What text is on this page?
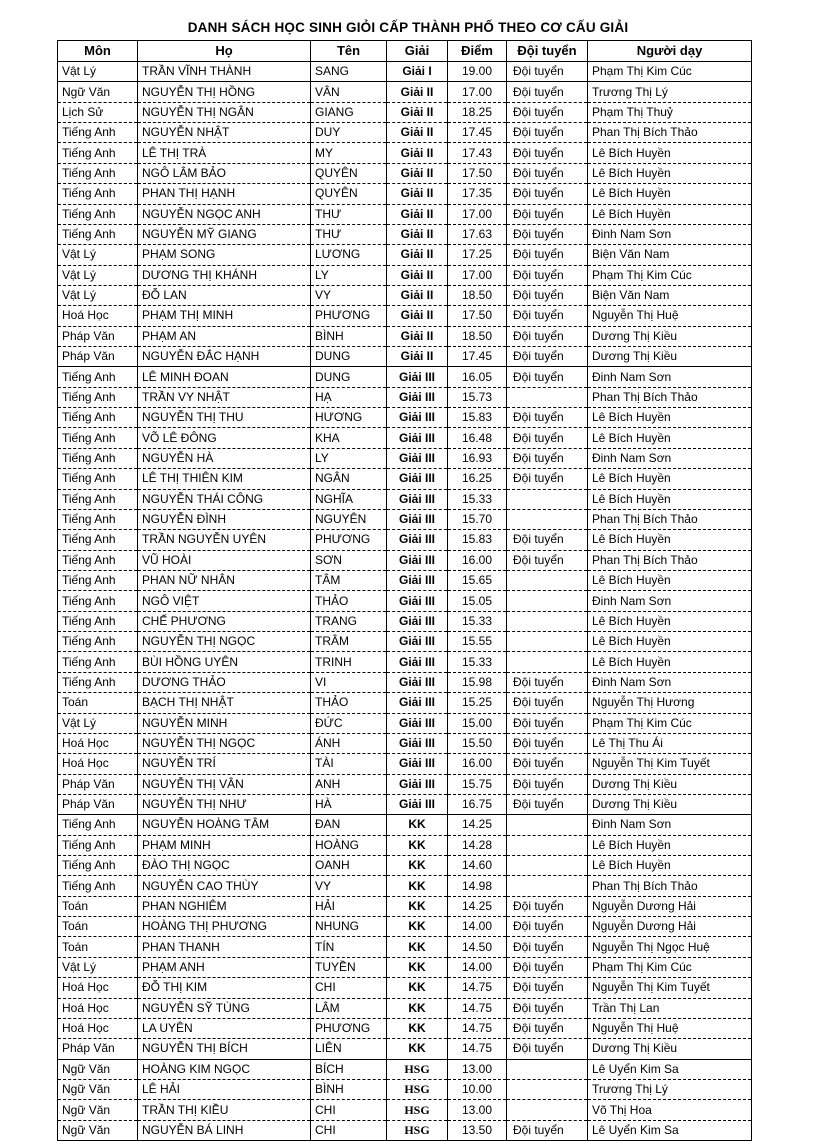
DANH SÁCH HỌC SINH GIỎI CẤP THÀNH PHỐ THEO CƠ CẤU GIẢI
Môn	Họ	Tên	Giải	Điểm	Đội tuyển	Người dạy
Vật Lý	TRẦN VĨNH THÀNH	SANG	Giải I	19.00	Đội tuyển	Phạm Thị Kim Cúc
Ngữ Văn	NGUYỄN THỊ HỒNG	VÂN	Giải II	17.00	Đội tuyển	Trương Thị Lý
Lịch Sử	NGUYỄN THỊ NGÂN	GIANG	Giải II	18.25	Đội tuyển	Phạm Thị Thuỷ
Tiếng Anh	NGUYỄN NHẬT	DUY	Giải II	17.45	Đội tuyển	Phan Thị Bích Thảo
Tiếng Anh	LÊ THỊ TRÀ	MY	Giải II	17.43	Đội tuyển	Lê Bích Huyền
Tiếng Anh	NGÔ LÂM BẢO	QUYÊN	Giải II	17.50	Đội tuyển	Lê Bích Huyền
Tiếng Anh	PHAN THỊ HẠNH	QUYÊN	Giải II	17.35	Đội tuyển	Lê Bích Huyền
Tiếng Anh	NGUYỄN NGỌC ANH	THƯ	Giải II	17.00	Đội tuyển	Lê Bích Huyền
Tiếng Anh	NGUYỄN MỸ GIANG	THƯ	Giải II	17.63	Đội tuyển	Đinh Nam Sơn
Vật Lý	PHẠM SONG	LƯƠNG	Giải II	17.25	Đội tuyển	Biện Văn Nam
Vật Lý	DƯƠNG THỊ KHÁNH	LY	Giải II	17.00	Đội tuyển	Phạm Thị Kim Cúc
Vật Lý	ĐỖ LAN	VY	Giải II	18.50	Đội tuyển	Biện Văn Nam
Hoá Học	PHẠM THỊ MINH	PHƯƠNG	Giải II	17.50	Đội tuyển	Nguyễn Thị Huệ
Pháp Văn	PHẠM AN	BÌNH	Giải II	18.50	Đội tuyển	Dương Thị Kiều
Pháp Văn	NGUYỄN ĐẮC HẠNH	DUNG	Giải II	17.45	Đội tuyển	Dương Thị Kiều
Tiếng Anh	LÊ MINH ĐOAN	DUNG	Giải III	16.05	Đội tuyển	Đinh Nam Sơn
Tiếng Anh	TRẦN VY NHẬT	HẠ	Giải III	15.73		Phan Thị Bích Thảo
Tiếng Anh	NGUYỄN THỊ THU	HƯƠNG	Giải III	15.83	Đội tuyển	Lê Bích Huyền
Tiếng Anh	VÕ LÊ ĐÔNG	KHA	Giải III	16.48	Đội tuyển	Lê Bích Huyền
Tiếng Anh	NGUYỄN HÀ	LY	Giải III	16.93	Đội tuyển	Đinh Nam Sơn
Tiếng Anh	LÊ THỊ THIÊN KIM	NGÂN	Giải III	16.25	Đội tuyển	Lê Bích Huyền
Tiếng Anh	NGUYỄN THÁI CÔNG	NGHĨA	Giải III	15.33		Lê Bích Huyền
Tiếng Anh	NGUYỄN ĐÌNH	NGUYÊN	Giải III	15.70		Phan Thị Bích Thảo
Tiếng Anh	TRẦN NGUYỄN UYÊN	PHƯƠNG	Giải III	15.83	Đội tuyển	Lê Bích Huyền
Tiếng Anh	VŨ HOÀI	SƠN	Giải III	16.00	Đội tuyển	Phan Thị Bích Thảo
Tiếng Anh	PHAN NỮ NHÂN	TÂM	Giải III	15.65		Lê Bích Huyền
Tiếng Anh	NGÔ VIỆT	THẢO	Giải III	15.05		Đinh Nam Sơn
Tiếng Anh	CHẾ PHƯƠNG	TRANG	Giải III	15.33		Lê Bích Huyền
Tiếng Anh	NGUYỄN THỊ NGỌC	TRÂM	Giải III	15.55		Lê Bích Huyền
Tiếng Anh	BÙI HỒNG UYÊN	TRINH	Giải III	15.33		Lê Bích Huyền
Tiếng Anh	DƯƠNG THẢO	VI	Giải III	15.98	Đội tuyển	Đinh Nam Sơn
Toán	BẠCH THỊ NHẬT	THẢO	Giải III	15.25	Đội tuyển	Nguyễn Thị Hương
Vật Lý	NGUYỄN MINH	ĐỨC	Giải III	15.00	Đội tuyển	Phạm Thị Kim Cúc
Hoá Học	NGUYỄN THỊ NGỌC	ÁNH	Giải III	15.50	Đội tuyển	Lê Thị Thu Ái
Hoá Học	NGUYỄN TRÍ	TÀI	Giải III	16.00	Đội tuyển	Nguyễn Thị Kim Tuyết
Pháp Văn	NGUYỄN THỊ VÂN	ANH	Giải III	15.75	Đội tuyển	Dương Thị Kiều
Pháp Văn	NGUYỄN THỊ NHƯ	HÀ	Giải III	16.75	Đội tuyển	Dương Thị Kiều
Tiếng Anh	NGUYỄN HOÀNG TÂM	ĐAN	KK	14.25		Đinh Nam Sơn
Tiếng Anh	PHẠM MINH	HOÀNG	KK	14.28		Lê Bích Huyền
Tiếng Anh	ĐÀO THỊ NGỌC	OANH	KK	14.60		Lê Bích Huyền
Tiếng Anh	NGUYỄN CAO THÙY	VY	KK	14.98		Phan Thị Bích Thảo
Toán	PHAN NGHIÊM	HẢI	KK	14.25	Đội tuyển	Nguyễn Dương Hải
Toán	HOÀNG THỊ PHƯƠNG	NHUNG	KK	14.00	Đội tuyển	Nguyễn Dương Hải
Toán	PHAN THANH	TÍN	KK	14.50	Đội tuyển	Nguyễn Thị Ngọc Huệ
Vật Lý	PHẠM ANH	TUYỀN	KK	14.00	Đội tuyển	Phạm Thị Kim Cúc
Hoá Học	ĐỖ THỊ KIM	CHI	KK	14.75	Đội tuyển	Nguyễn Thị Kim Tuyết
Hoá Học	NGUYỄN SỸ TÙNG	LÂM	KK	14.75	Đội tuyển	Trần Thị Lan
Hoá Học	LA UYÊN	PHƯƠNG	KK	14.75	Đội tuyển	Nguyễn Thị Huệ
Pháp Văn	NGUYỄN THỊ BÍCH	LIÊN	KK	14.75	Đội tuyển	Dương Thị Kiều
Ngữ Văn	HOÀNG KIM NGỌC	BÍCH	HSG	13.00		Lê Uyển Kim Sa
Ngữ Văn	LÊ HẢI	BÌNH	HSG	10.00		Trương Thị Lý
Ngữ Văn	TRẦN THỊ KIỀU	CHI	HSG	13.00		Võ Thị Hoa
Ngữ Văn	NGUYỄN BÁ LINH	CHI	HSG	13.50	Đội tuyển	Lê Uyển Kim Sa
